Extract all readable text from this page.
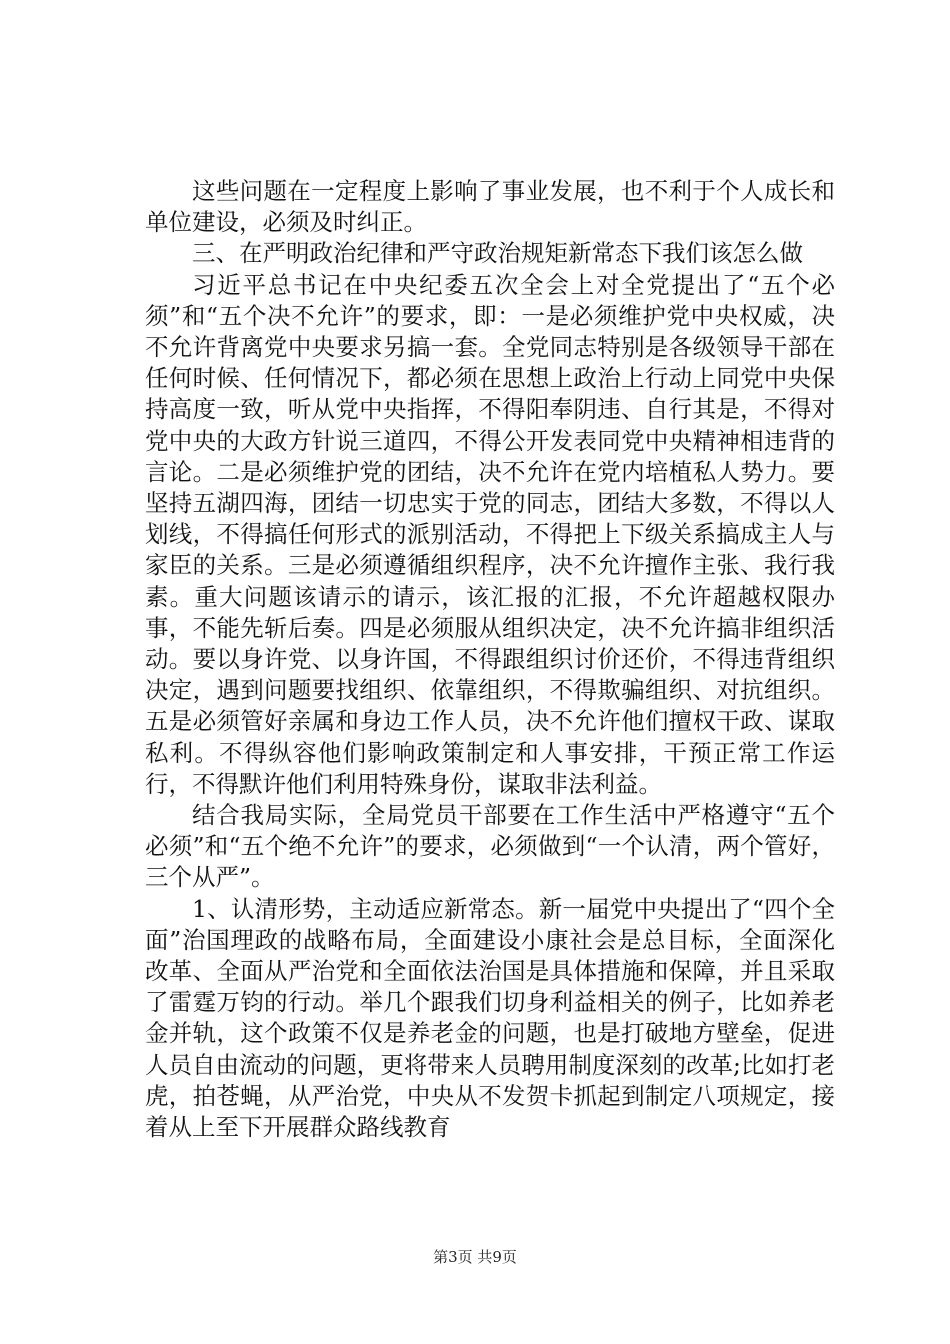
这些问题在一定程度上影响了事业发展，也不利于个人成长和单位建设，必须及时纠正。

三、在严明政治纪律和严守政治规矩新常态下我们该怎么做

习近平总书记在中央纪委五次全会上对全党提出了“五个必须”和“五个决不允许”的要求，即：一是必须维护党中央权威，决不允许背离党中央要求另搞一套。全党同志特别是各级领导干部在任何时候、任何情况下，都必须在思想上政治上行动上同党中央保持高度一致，听从党中央指挥，不得阳奉阴违、自行其是，不得对党中央的大政方针说三道四，不得公开发表同党中央精神相违背的言论。二是必须维护党的团结，决不允许在党内培植私人势力。要坚持五湖四海，团结一切忠实于党的同志，团结大多数，不得以人划线，不得搞任何形式的派别活动，不得把上下级关系搞成主人与家臣的关系。三是必须遵循组织程序，决不允许擅作主张、我行我素。重大问题该请示的请示，该汇报的汇报，不允许超越权限办事，不能先斩后奏。四是必须服从组织决定，决不允许搞非组织活动。要以身许党、以身许国，不得跟组织讨价还价，不得违背组织决定，遇到问题要找组织、依靠组织，不得欺骗组织、对抗组织。五是必须管好亲属和身边工作人员，决不允许他们擅权干政、谋取私利。不得纵容他们影响政策制定和人事安排，干预正常工作运行，不得默许他们利用特殊身份，谋取非法利益。

结合我局实际，全局党员干部要在工作生活中严格遵守“五个必须”和“五个绝不允许”的要求，必须做到“一个认清，两个管好，三个从严”。

1、认清形势，主动适应新常态。新一届党中央提出了“四个全面”治国理政的战略布局，全面建设小康社会是总目标，全面深化改革、全面从严治党和全面依法治国是具体措施和保障，并且采取了雷霆万钧的行动。举几个跟我们切身利益相关的例子，比如养老金并轨，这个政策不仅是养老金的问题，也是打破地方壁垒，促进人员自由流动的问题，更将带来人员聘用制度深刻的改革;比如打老虎，拍苍蝇，从严治党，中央从不发贺卡抓起到制定八项规定，接着从上至下开展群众路线教育

第3页 共9页
